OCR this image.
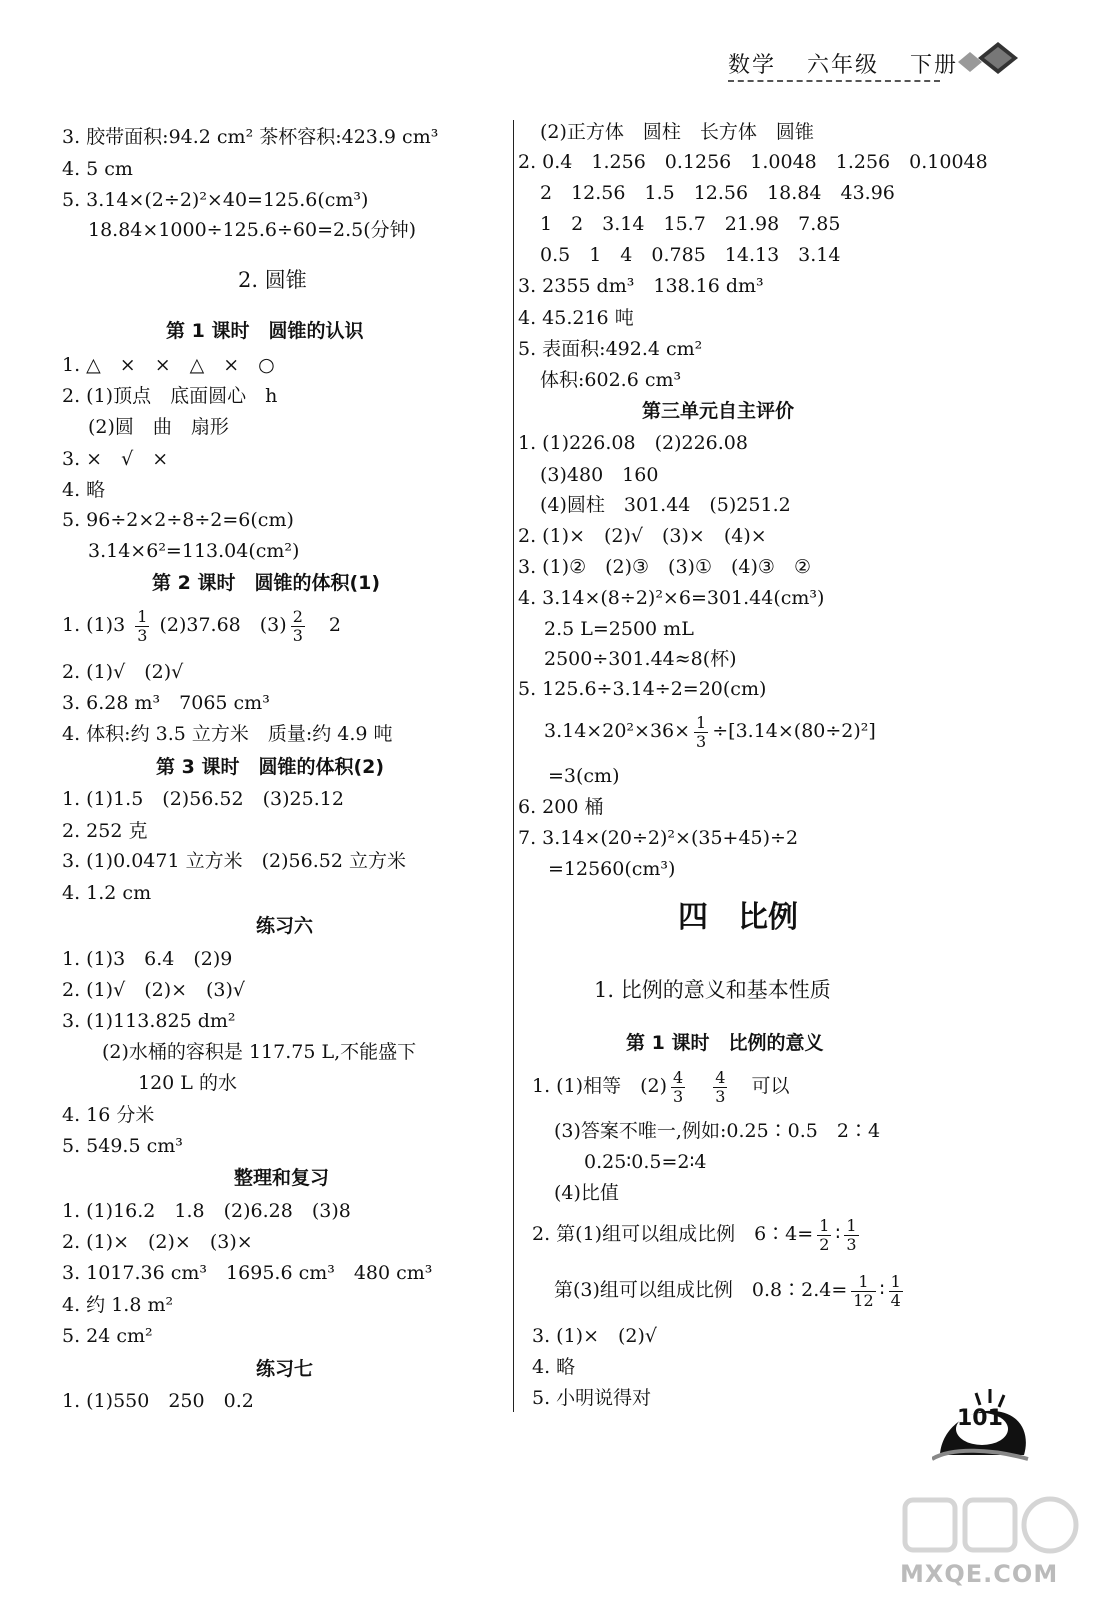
数学 六年级 下册
3. 胶带面积:94.2 cm² 茶杯容积:423.9 cm³
4. 5 cm
5. 3.14×(2÷2)²×40=125.6(cm³)
18.84×1000÷125.6÷60=2.5(分钟)
2. 圆锥
第 1 课时　圆锥的认识
1. △　×　×　△　×　○
2. (1)顶点　底面圆心　h
(2)圆　曲　扇形
3. ×　√　×
4. 略
5. 96÷2×2÷8÷2=6(cm)
3.14×6²=113.04(cm²)
第 2 课时　圆锥的体积(1)
1. $(1)3 \frac{1}{3} (2)37.68$　$(3) \frac{2}{3} 2$
2. (1)√　(2)√
3. 6.28 m³　7065 cm³
4. 体积:约 3.5 立方米　质量:约 4.9 吨
第 3 课时　圆锥的体积(2)
1. (1)1.5　(2)56.52　(3)25.12
2. 252 克
3. (1)0.0471 立方米　(2)56.52 立方米
4. 1.2 cm
练习六
1. (1)3　6.4　(2)9
2. (1)√　(2)×　(3)√
3. (1)113.825 dm²
(2)水桶的容积是 117.75 L,不能盛下
120 L 的水
4. 16 分米
5. 549.5 cm³
整理和复习
1. (1)16.2　1.8　(2)6.28　(3)8
2. (1)×　(2)×　(3)×
3. 1017.36 cm³　1695.6 cm³　480 cm³
4. 约 1.8 m²
5. 24 cm²
练习七
1. (1)550　250　0.2
(2)正方体　圆柱　长方体　圆锥
2. 0.4　1.256　0.1256　1.0048　1.256　0.10048
2　12.56　1.5　12.56　18.84　43.96
1　2　3.14　15.7　21.98　7.85
0.5　1　4　0.785　14.13　3.14
3. 2355 dm³　138.16 dm³
4. 45.216 吨
5. 表面积:492.4 cm²
体积:602.6 cm³
第三单元自主评价
1. (1)226.08　(2)226.08
(3)480　160
(4)圆柱　301.44　(5)251.2
2. (1)×　(2)√　(3)×　(4)×
3. (1)②　(2)③　(3)①　(4)③　②
4. 3.14×(8÷2)²×6=301.44(cm³)
2.5 L=2500 mL
2500÷301.44≈8(杯)
5. 125.6÷3.14÷2=20(cm)
$3.14\times 20^2\times 36\times \frac{1}{3} \div[3.14\times(80\div 2)^2]$
=3(cm)
6. 200 桶
7. 3.14×(20÷2)²×(35+45)÷2
=12560(cm³)
四　比例
1. 比例的意义和基本性质
第 1 课时　比例的意义
1. (1)相等　$(2) \frac{4}{3}$
$\frac{4}{3}$ 可以
(3)答案不唯一,例如:0.25∶0.5　2∶4
0.25∶0.5=2∶4
(4)比值
2. 第(1)组可以组成比例　6∶4= $\frac{1}{2}$ ∶ $\frac{1}{3}$
第(3)组可以组成比例　0.8∶2.4= $\frac{1}{12}$ ∶ $\frac{1}{4}$
3. (1)×　(2)√
4. 略
5. 小明说得对
101
MXQE.COM
